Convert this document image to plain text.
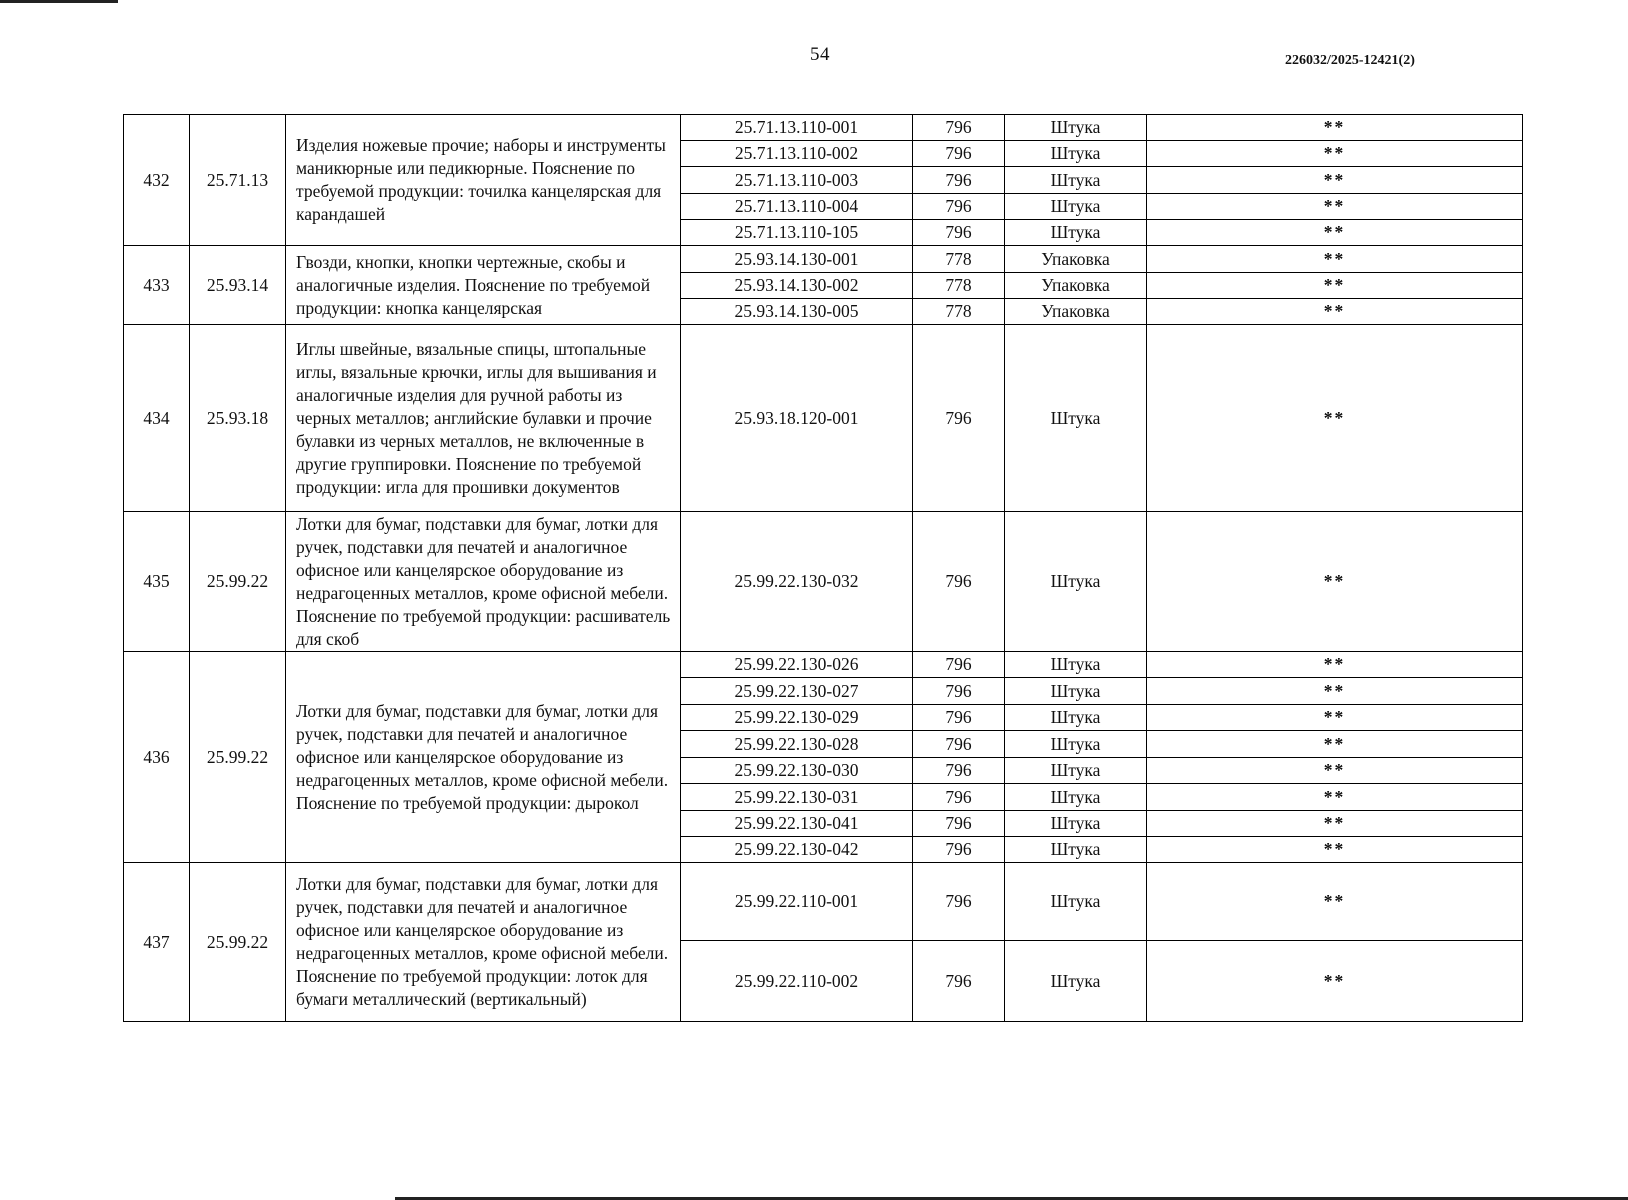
54	226032/2025-12421(2)
432	25.71.13	Изделия ножевые прочие; наборы и инструменты маникюрные или педикюрные. Пояснение по требуемой продукции: точилка канцелярская для карандашей	25.71.13.110-001	796	Штука	**
			25.71.13.110-002	796	Штука	**
			25.71.13.110-003	796	Штука	**
			25.71.13.110-004	796	Штука	**
			25.71.13.110-105	796	Штука	**
433	25.93.14	Гвозди, кнопки, кнопки чертежные, скобы и аналогичные изделия. Пояснение по требуемой продукции: кнопка канцелярская	25.93.14.130-001	778	Упаковка	**
			25.93.14.130-002	778	Упаковка	**
			25.93.14.130-005	778	Упаковка	**
434	25.93.18	Иглы швейные, вязальные спицы, штопальные иглы, вязальные крючки, иглы для вышивания и аналогичные изделия для ручной работы из черных металлов; английские булавки и прочие булавки из черных металлов, не включенные в другие группировки. Пояснение по требуемой продукции: игла для прошивки документов	25.93.18.120-001	796	Штука	**
435	25.99.22	Лотки для бумаг, подставки для бумаг, лотки для ручек, подставки для печатей и аналогичное офисное или канцелярское оборудование из недрагоценных металлов, кроме офисной мебели. Пояснение по требуемой продукции: расшиватель для скоб	25.99.22.130-032	796	Штука	**
436	25.99.22	Лотки для бумаг, подставки для бумаг, лотки для ручек, подставки для печатей и аналогичное офисное или канцелярское оборудование из недрагоценных металлов, кроме офисной мебели. Пояснение по требуемой продукции: дырокол	25.99.22.130-026	796	Штука	**
			25.99.22.130-027	796	Штука	**
			25.99.22.130-029	796	Штука	**
			25.99.22.130-028	796	Штука	**
			25.99.22.130-030	796	Штука	**
			25.99.22.130-031	796	Штука	**
			25.99.22.130-041	796	Штука	**
			25.99.22.130-042	796	Штука	**
437	25.99.22	Лотки для бумаг, подставки для бумаг, лотки для ручек, подставки для печатей и аналогичное офисное или канцелярское оборудование из недрагоценных металлов, кроме офисной мебели. Пояснение по требуемой продукции: лоток для бумаги металлический (вертикальный)	25.99.22.110-001	796	Штука	**
			25.99.22.110-002	796	Штука	**
